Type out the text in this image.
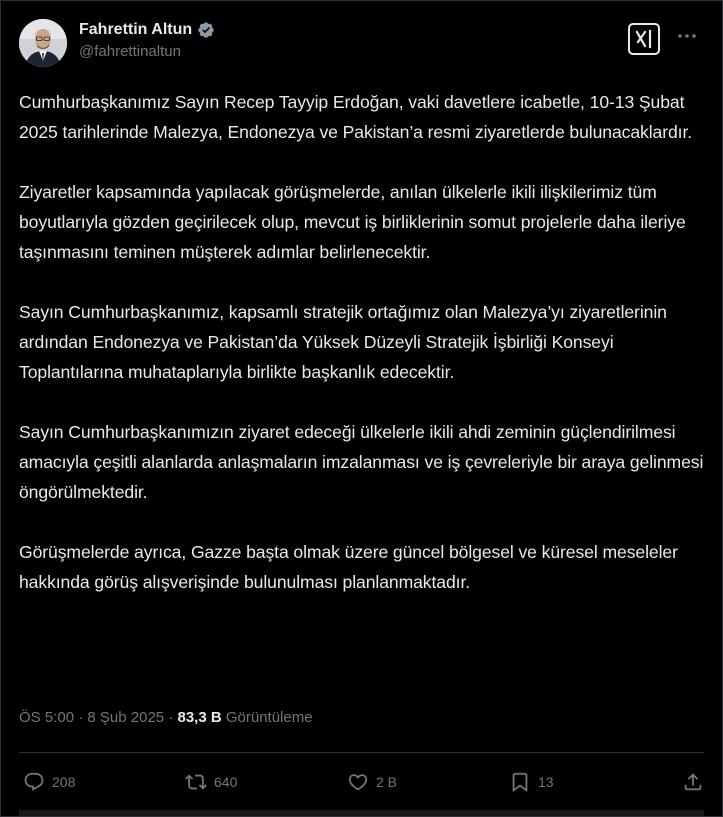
Fahrettin Altun
@fahrettinaltun

Cumhurbaşkanımız Sayın Recep Tayyip Erdoğan, vaki davetlere icabetle, 10-13 Şubat 2025 tarihlerinde Malezya, Endonezya ve Pakistan’a resmi ziyaretlerde bulunacaklardır.

Ziyaretler kapsamında yapılacak görüşmelerde, anılan ülkelerle ikili ilişkilerimiz tüm boyutlarıyla gözden geçirilecek olup, mevcut iş birliklerinin somut projelerle daha ileriye taşınmasını teminen müşterek adımlar belirlenecektir.

Sayın Cumhurbaşkanımız, kapsamlı stratejik ortağımız olan Malezya’yı ziyaretlerinin ardından Endonezya ve Pakistan’da Yüksek Düzeyli Stratejik İşbirliği Konseyi Toplantılarına muhataplarıyla birlikte başkanlık edecektir.

Sayın Cumhurbaşkanımızın ziyaret edeceği ülkelerle ikili ahdi zeminin güçlendirilmesi amacıyla çeşitli alanlarda anlaşmaların imzalanması ve iş çevreleriyle bir araya gelinmesi öngörülmektedir.

Görüşmelerde ayrıca, Gazze başta olmak üzere güncel bölgesel ve küresel meseleler hakkında görüş alışverişinde bulunulması planlanmaktadır.

ÖS 5:00 · 8 Şub 2025 · 83,3 B Görüntüleme
208	640	2 B	13
